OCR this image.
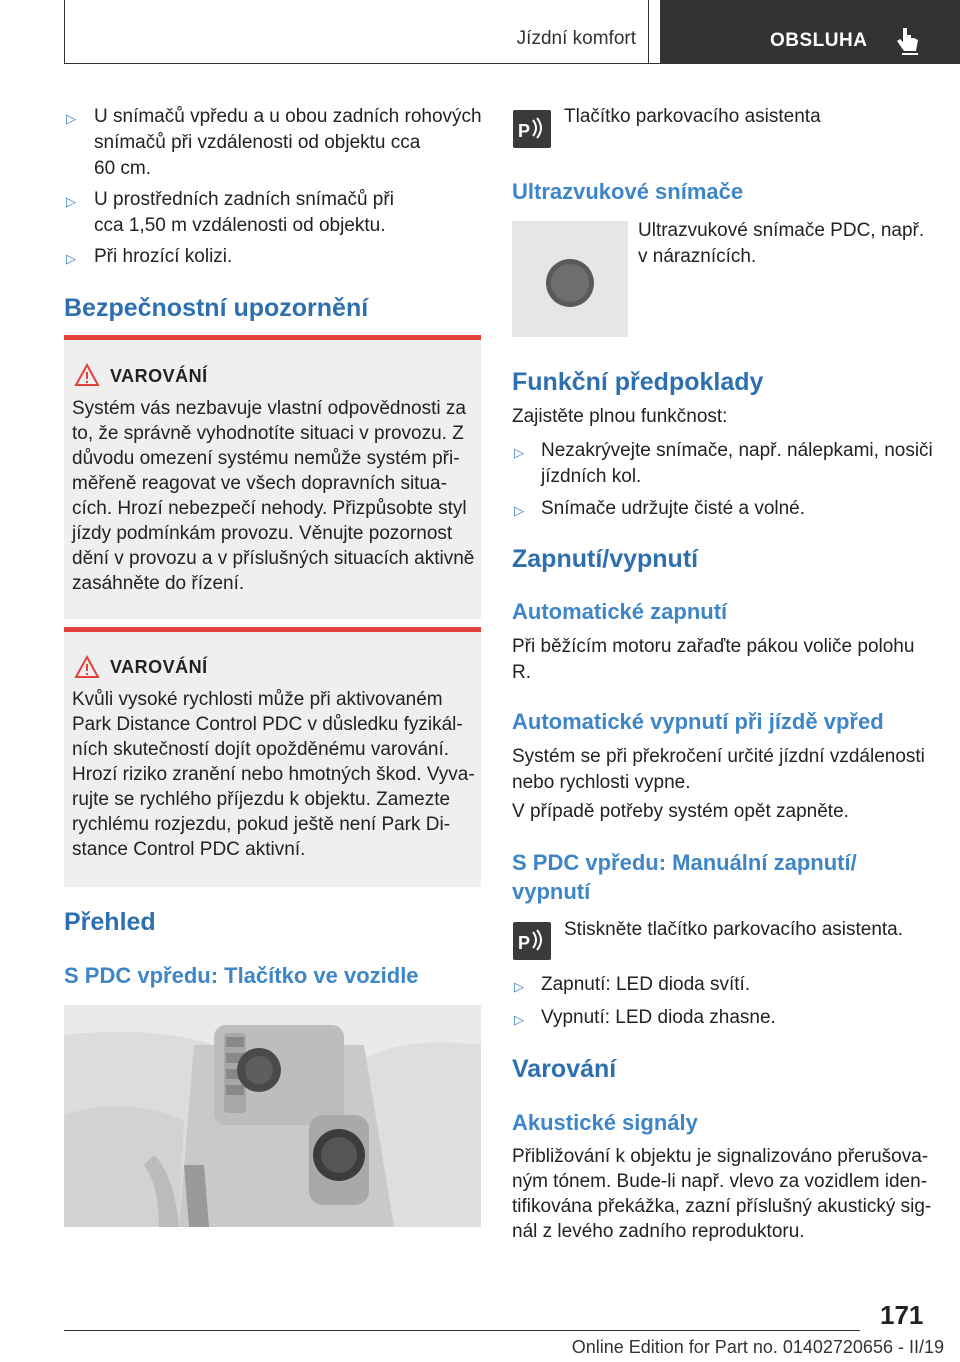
Jízdní komfort	OBSLUHA
▷ U snímačů vpředu a u obou zadních rohových
snímačů při vzdálenosti od objektu cca
60 cm.
▷ U prostředních zadních snímačů při
cca 1,50 m vzdálenosti od objektu.
▷ Při hrozící kolizi.
Bezpečnostní upozornění
VAROVÁNÍ
Systém vás nezbavuje vlastní odpovědnosti za
to, že správně vyhodnotíte situaci v provozu. Z
důvodu omezení systému nemůže systém při‐
měřeně reagovat ve všech dopravních situa‐
cích. Hrozí nebezpečí nehody. Přizpůsobte styl
jízdy podmínkám provozu. Věnujte pozornost
dění v provozu a v příslušných situacích aktivně
zasáhněte do řízení.
VAROVÁNÍ
Kvůli vysoké rychlosti může při aktivovaném
Park Distance Control PDC v důsledku fyzikál‐
ních skutečností dojít opožděnému varování.
Hrozí riziko zranění nebo hmotných škod. Vyva‐
rujte se rychlého příjezdu k objektu. Zamezte
rychlému rozjezdu, pokud ještě není Park Di‐
stance Control PDC aktivní.
Přehled
S PDC vpředu: Tlačítko ve vozidle
P
Tlačítko parkovacího asistenta
Ultrazvukové snímače
Ultrazvukové snímače PDC, např.
v náraznících.
Funkční předpoklady
Zajistěte plnou funkčnost:
▷ Nezakrývejte snímače, např. nálepkami, nosiči
jízdních kol.
▷ Snímače udržujte čisté a volné.
Zapnutí/vypnutí
Automatické zapnutí
Při běžícím motoru zařaďte pákou voliče polohu
R.
Automatické vypnutí při jízdě vpřed
Systém se při překročení určité jízdní vzdálenosti
nebo rychlosti vypne.
V případě potřeby systém opět zapněte.
S PDC vpředu: Manuální zapnutí/
vypnutí
P
Stiskněte tlačítko parkovacího asistenta.
▷ Zapnutí: LED dioda svítí.
▷ Vypnutí: LED dioda zhasne.
Varování
Akustické signály
Přibližování k objektu je signalizováno přerušova‐
ným tónem. Bude-li např. vlevo za vozidlem iden‐
tifikována překážka, zazní příslušný akustický sig‐
nál z levého zadního reproduktoru.
171
Online Edition for Part no. 01402720656 - II/19
